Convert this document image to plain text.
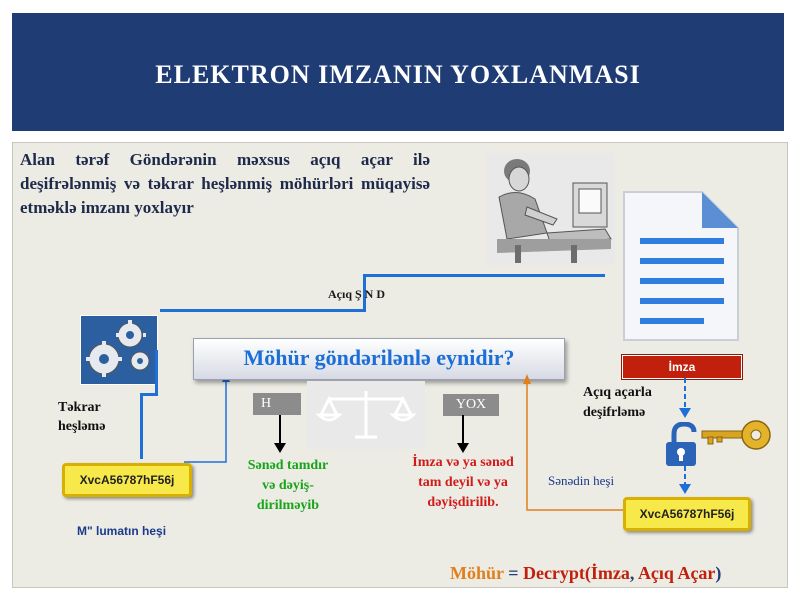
ELEKTRON IMZANIN YOXLANMASI
Alan tәrәf Göndәrәnin mәxsus açıq açar ilә deşifrәlәnmiş vә tәkrar heşlәnmiş möhürlәri müqayisә etmәklә imzanı yoxlayır
Açıq Ş N D
Tәkrar heşlәmә
XvcA56787hF56j
M" lumatın heşi
Möhür göndәrilәnlә eynidir?
H	YOX
Sәnәd tamdır vә dәyiş- dirilmәyib
İmza vә ya sәnәd tam deyil vә ya dәyişdirilib.
Sәnәdin heşi
İmza
Açıq açarla deşifrlәmә
XvcA56787hF56j
Möhür = Decrypt(İmza, Açıq Açar)
